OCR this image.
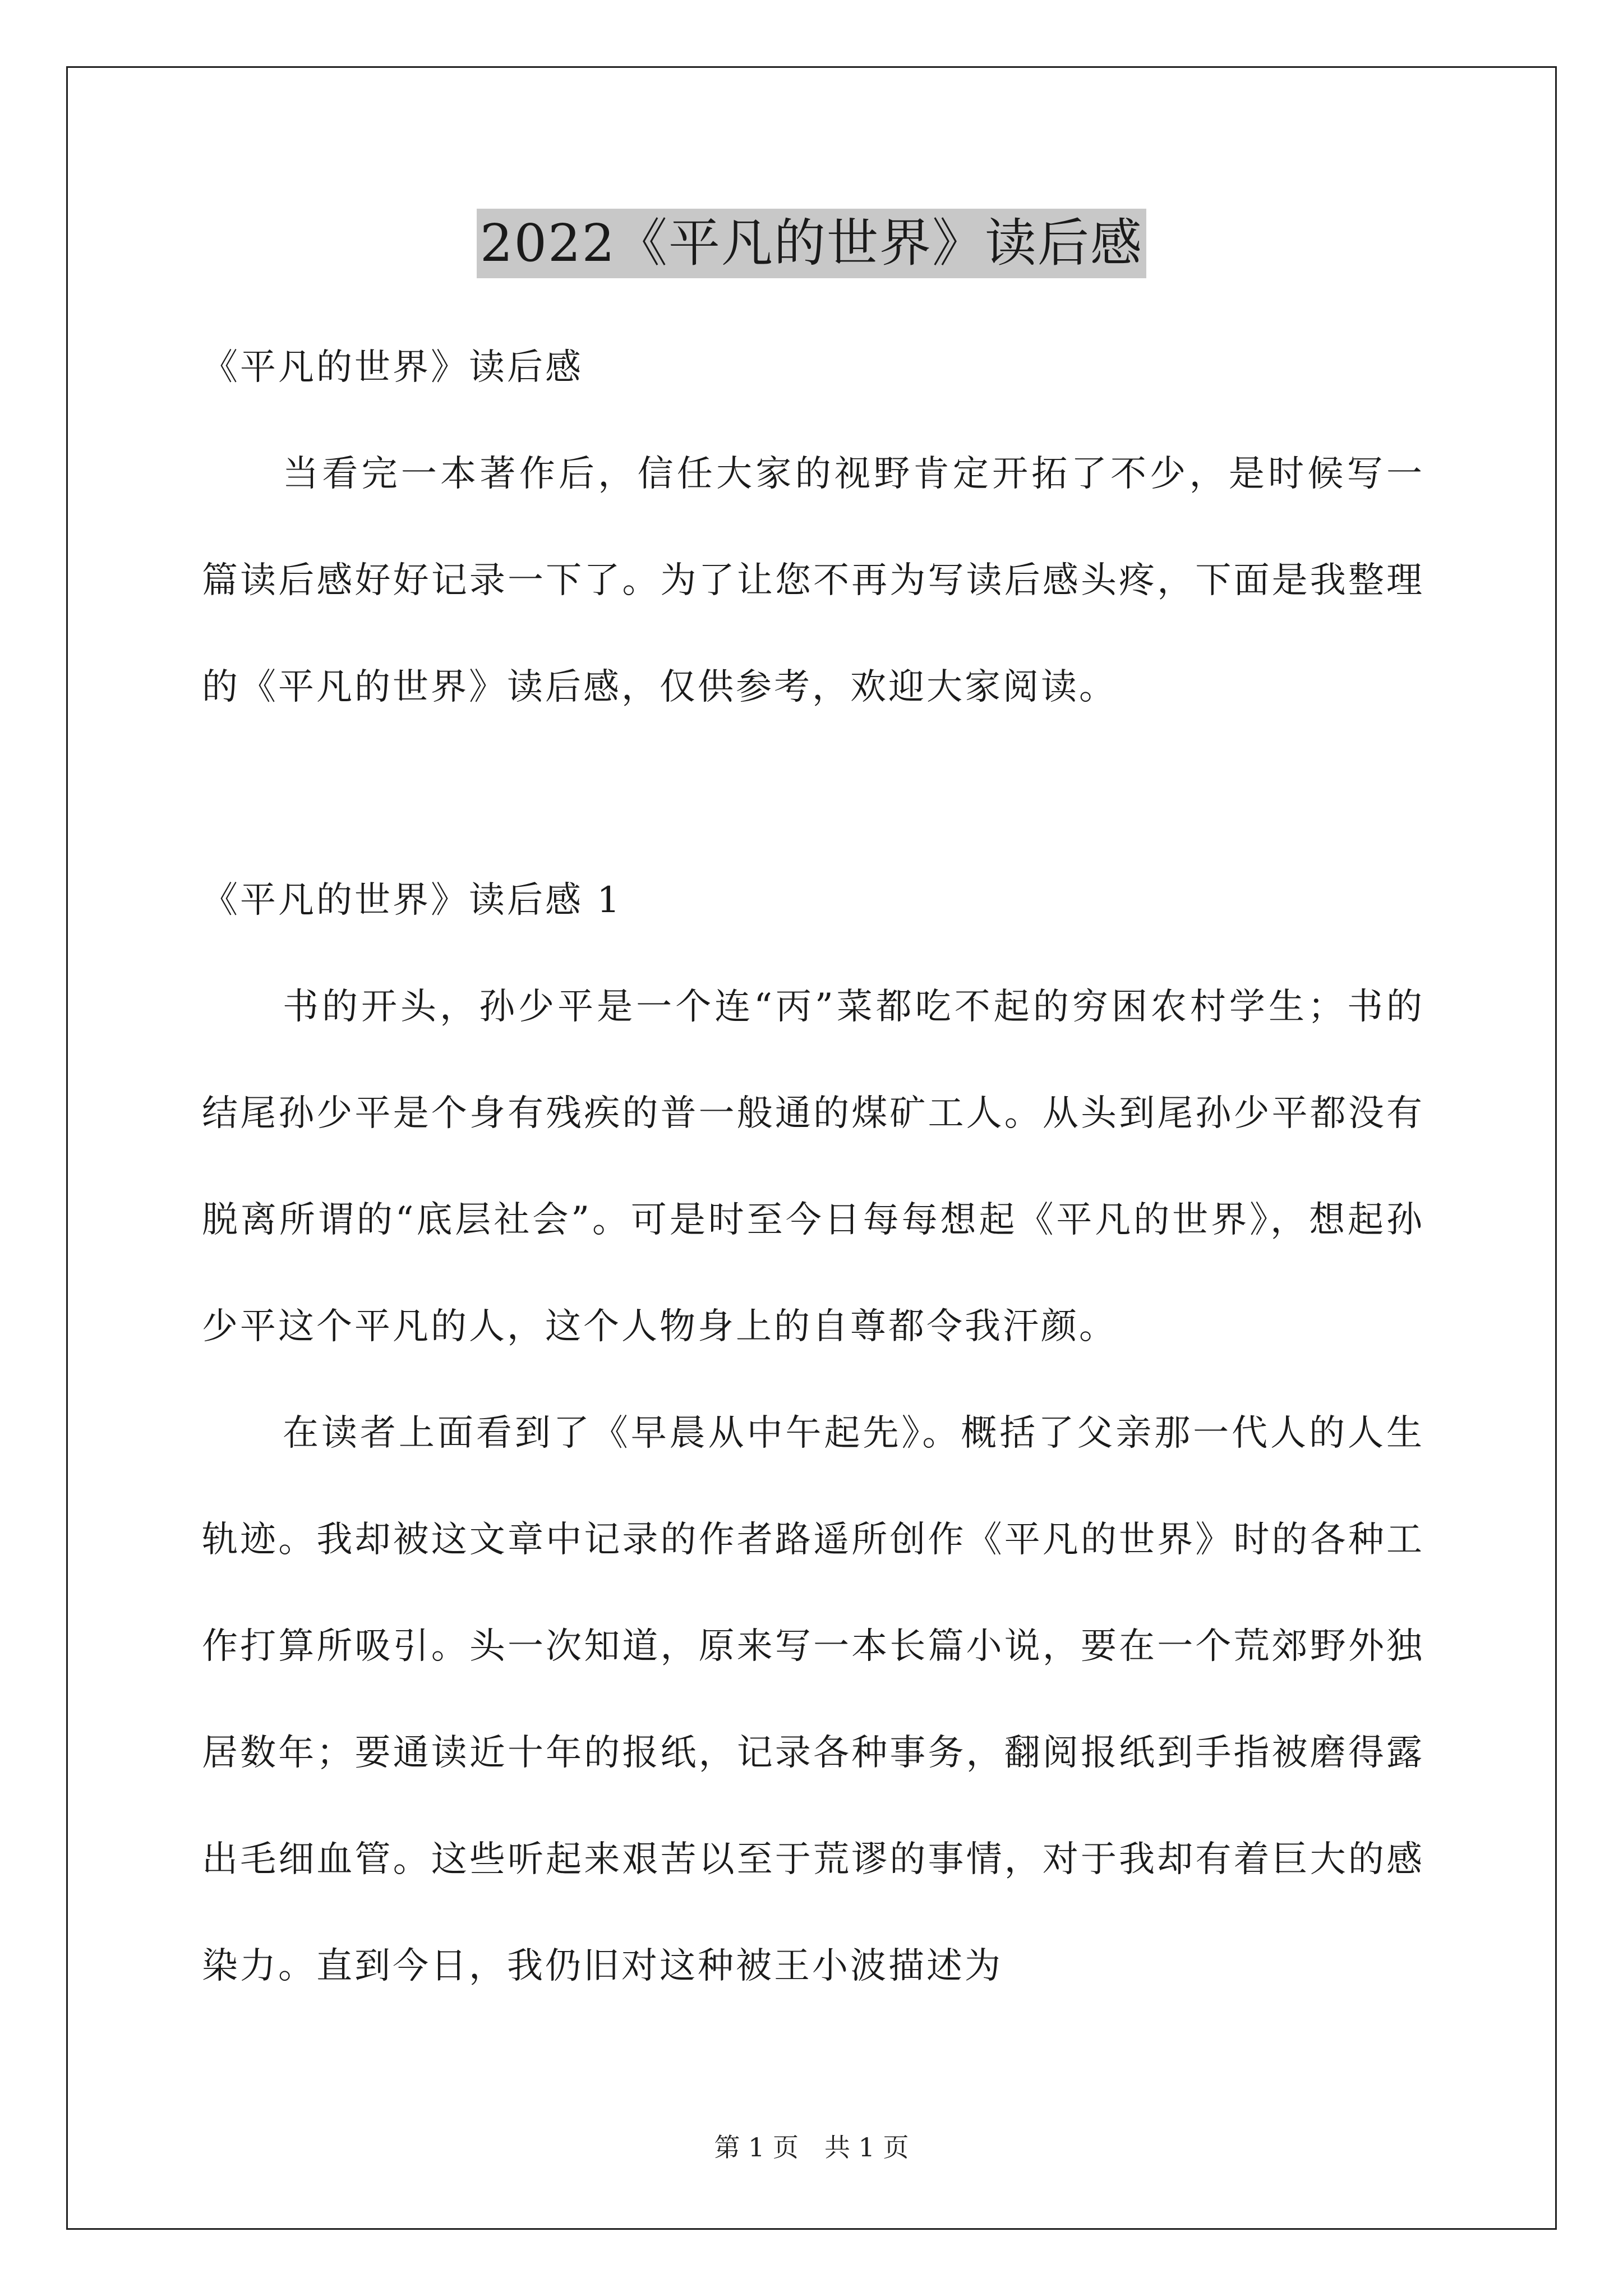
2022《平凡的世界》读后感

《平凡的世界》读后感

当看完一本著作后，信任大家的视野肯定开拓了不少，是时候写一篇读后感好好记录一下了。为了让您不再为写读后感头疼，下面是我整理的《平凡的世界》读后感，仅供参考，欢迎大家阅读。

《平凡的世界》读后感 1

书的开头，孙少平是一个连“丙”菜都吃不起的穷困农村学生；书的结尾孙少平是个身有残疾的普一般通的煤矿工人。从头到尾孙少平都没有脱离所谓的“底层社会”。可是时至今日每每想起《平凡的世界》，想起孙少平这个平凡的人，这个人物身上的自尊都令我汗颜。

在读者上面看到了《早晨从中午起先》。概括了父亲那一代人的人生轨迹。我却被这文章中记录的作者路遥所创作《平凡的世界》时的各种工作打算所吸引。头一次知道，原来写一本长篇小说，要在一个荒郊野外独居数年；要通读近十年的报纸，记录各种事务，翻阅报纸到手指被磨得露出毛细血管。这些听起来艰苦以至于荒谬的事情，对于我却有着巨大的感染力。直到今日，我仍旧对这种被王小波描述为

第 1 页　共 1 页
